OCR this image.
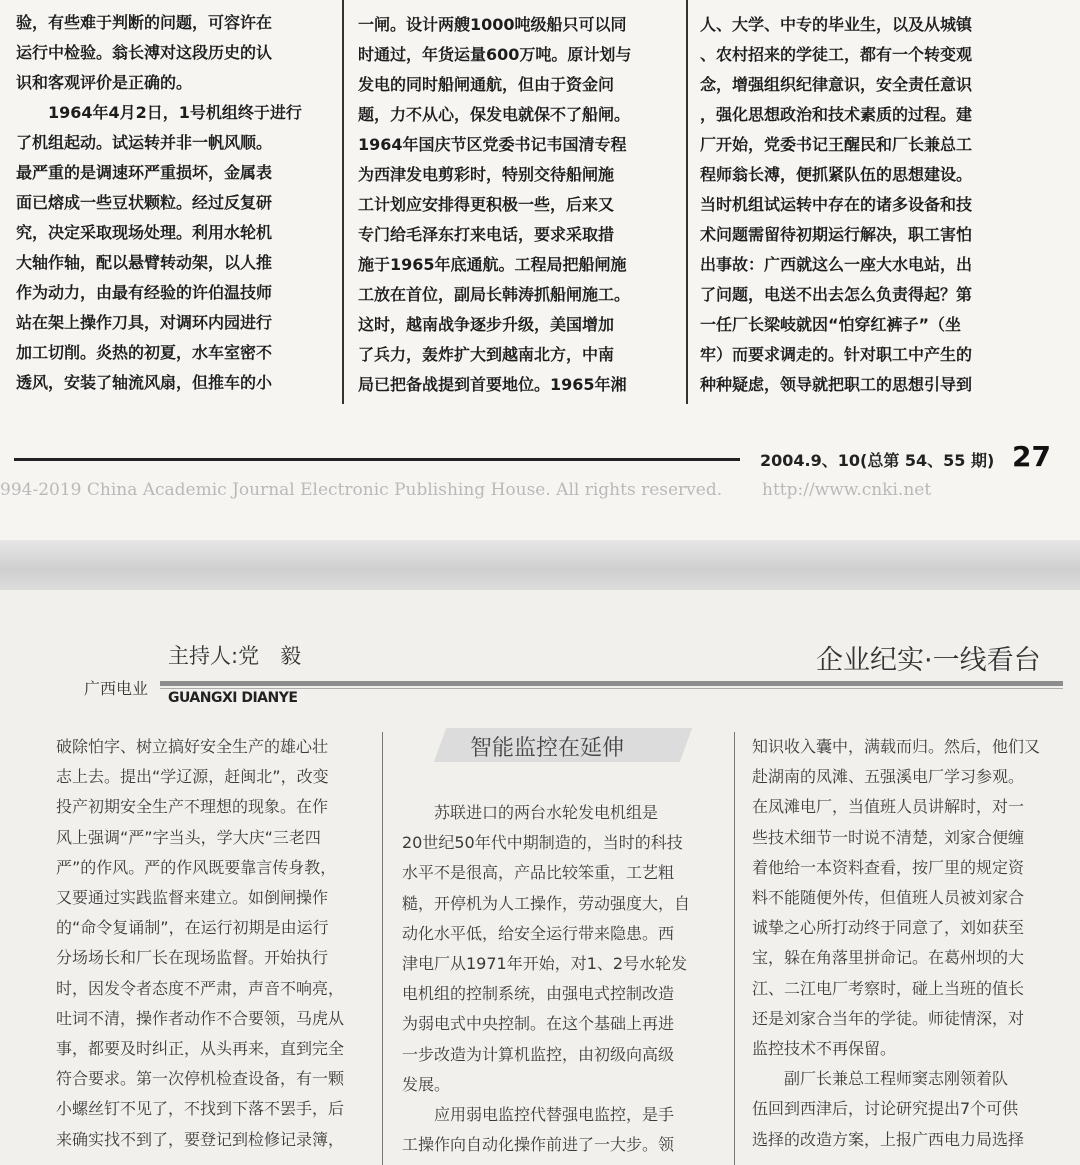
验，有些难于判断的问题，可容许在

运行中检验。翁长溥对这段历史的认

识和客观评价是正确的。

　　1964年4月2日，1号机组终于进行

了机组起动。试运转并非一帆风顺。

最严重的是调速环严重损坏，金属表

面已熔成一些豆状颗粒。经过反复研

究，决定采取现场处理。利用水轮机

大轴作轴，配以悬臂转动架，以人推

作为动力，由最有经验的许伯温技师

站在架上操作刀具，对调环内园进行

加工切削。炎热的初夏，水车室密不

透风，安装了轴流风扇，但推车的小

一闸。设计两艘1000吨级船只可以同

时通过，年货运量600万吨。原计划与

发电的同时船闸通航，但由于资金问

题，力不从心，保发电就保不了船闸。

1964年国庆节区党委书记韦国清专程

为西津发电剪彩时，特别交待船闸施

工计划应安排得更积极一些，后来又

专门给毛泽东打来电话，要求采取措

施于1965年底通航。工程局把船闸施

工放在首位，副局长韩涛抓船闸施工。

这时，越南战争逐步升级，美国增加

了兵力，轰炸扩大到越南北方，中南

局已把备战提到首要地位。1965年湘

人、大学、中专的毕业生，以及从城镇

、农村招来的学徒工，都有一个转变观

念，增强组织纪律意识，安全责任意识

，强化思想政治和技术素质的过程。建

厂开始，党委书记王醒民和厂长兼总工

程师翁长溥，便抓紧队伍的思想建设。

当时机组试运转中存在的诸多设备和技

术问题需留待初期运行解决，职工害怕

出事故：广西就这么一座大水电站，出

了问题，电送不出去怎么负责得起？第

一任厂长梁岐就因“怕穿红裤子”（坐

牢）而要求调走的。针对职工中产生的

种种疑虑，领导就把职工的思想引导到

2004.9、10(总第 54、55 期) 27
994-2019 China Academic Journal Electronic Publishing House. All rights reserved. http://www.cnki.net
主持人:党　毅
广西电业 GUANGXI DIANYE
企业纪实·一线看台

破除怕字、树立搞好安全生产的雄心壮

志上去。提出“学辽源，赶闽北”，改变

投产初期安全生产不理想的现象。在作

风上强调“严”字当头，学大庆“三老四

严”的作风。严的作风既要靠言传身教，

又要通过实践监督来建立。如倒闸操作

的“命令复诵制”，在运行初期是由运行

分场场长和厂长在现场监督。开始执行

时，因发令者态度不严肃，声音不响亮，

吐词不清，操作者动作不合要领，马虎从

事，都要及时纠正，从头再来，直到完全

符合要求。第一次停机检查设备，有一颗

小螺丝钉不见了，不找到下落不罢手，后

来确实找不到了，要登记到检修记录簿，

智能监控在延伸

　　苏联进口的两台水轮发电机组是

20世纪50年代中期制造的，当时的科技

水平不是很高，产品比较笨重，工艺粗

糙，开停机为人工操作，劳动强度大，自

动化水平低，给安全运行带来隐患。西

津电厂从1971年开始，对1、2号水轮发

电机组的控制系统，由强电式控制改造

为弱电式中央控制。在这个基础上再进

一步改造为计算机监控，由初级向高级

发展。

　　应用弱电监控代替强电监控，是手

工操作向自动化操作前进了一大步。领

知识收入囊中，满载而归。然后，他们又

赴湖南的凤滩、五强溪电厂学习参观。

在凤滩电厂，当值班人员讲解时，对一

些技术细节一时说不清楚，刘家合便缠

着他给一本资料查看，按厂里的规定资

料不能随便外传，但值班人员被刘家合

诚挚之心所打动终于同意了，刘如获至

宝，躲在角落里拼命记。在葛州坝的大

江、二江电厂考察时，碰上当班的值长

还是刘家合当年的学徒。师徒情深，对

监控技术不再保留。

　　副厂长兼总工程师窦志刚领着队

伍回到西津后，讨论研究提出7个可供

选择的改造方案，上报广西电力局选择
